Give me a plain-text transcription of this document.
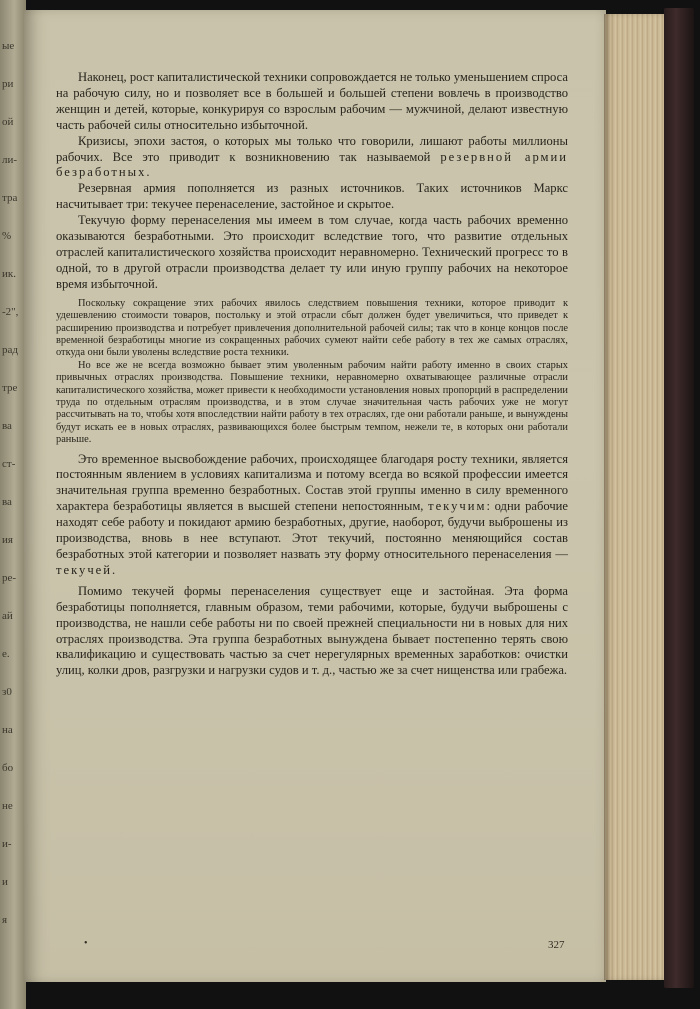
ые
ри
ой
ли-
тра
%
ик.
-2",
рад
тре
ва
ст-
ва
ия
ре-
ай
е.
з0
на
бо
не
и-
и
я

Наконец, рост капиталистической техники сопровождается не только уменьшением спроса на рабочую силу, но и позволяет все в большей и большей степени вовлечь в производство женщин и детей, которые, конкурируя со взрослым рабочим — мужчиной, делают известную часть рабочей силы относительно избыточной.

Кризисы, эпохи застоя, о которых мы только что говорили, лишают работы миллионы рабочих. Все это приводит к возникновению так называемой резервной армии безработных.

Резервная армия пополняется из разных источников. Таких источников Маркс насчитывает три: текучее перенаселение, застойное и скрытое.

Текучую форму перенаселения мы имеем в том случае, когда часть рабочих временно оказываются безработными. Это происходит вследствие того, что развитие отдельных отраслей капиталистического хозяйства происходит неравномерно. Технический прогресс то в одной, то в другой отрасли производства делает ту или иную группу рабочих на некоторое время избыточной.

Поскольку сокращение этих рабочих явилось следствием повышения техники, которое приводит к удешевлению стоимости товаров, постольку и этой отрасли сбыт должен будет увеличиться, что приведет к расширению производства и потребует привлечения дополнительной рабочей силы; так что в конце концов после временной безработицы многие из сокращенных рабочих сумеют найти себе работу в тех же самых отраслях, откуда они были уволены вследствие роста техники.

Но все же не всегда возможно бывает этим уволенным рабочим найти работу именно в своих старых привычных отраслях производства. Повышение техники, неравномерно охватывающее различные отрасли капиталистического хозяйства, может привести к необходимости установления новых пропорций в распределении труда по отдельным отраслям производства, и в этом случае значительная часть рабочих уже не могут рассчитывать на то, чтобы хотя впоследствии найти работу в тех отраслях, где они работали раньше, и вынуждены будут искать ее в новых отраслях, развивающихся более быстрым темпом, нежели те, в которых они работали раньше.

Это временное высвобождение рабочих, происходящее благодаря росту техники, является постоянным явлением в условиях капитализма и потому всегда во всякой профессии имеется значительная группа временно безработных. Состав этой группы именно в силу временного характера безработицы является в высшей степени непостоянным, текучим: одни рабочие находят себе работу и покидают армию безработных, другие, наоборот, будучи выброшены из производства, вновь в нее вступают. Этот текучий, постоянно меняющийся состав безработных этой категории и позволяет назвать эту форму относительного перенаселения — текучей.

Помимо текучей формы перенаселения существует еще и застойная. Эта форма безработицы пополняется, главным образом, теми рабочими, которые, будучи выброшены с производства, не нашли себе работы ни по своей прежней специальности ни в новых для них отраслях производства. Эта группа безработных вынуждена бывает постепенно терять свою квалификацию и существовать частью за счет нерегулярных временных заработков: очистки улиц, колки дров, разгрузки и нагрузки судов и т. д., частью же за счет нищенства или грабежа.

•	327
